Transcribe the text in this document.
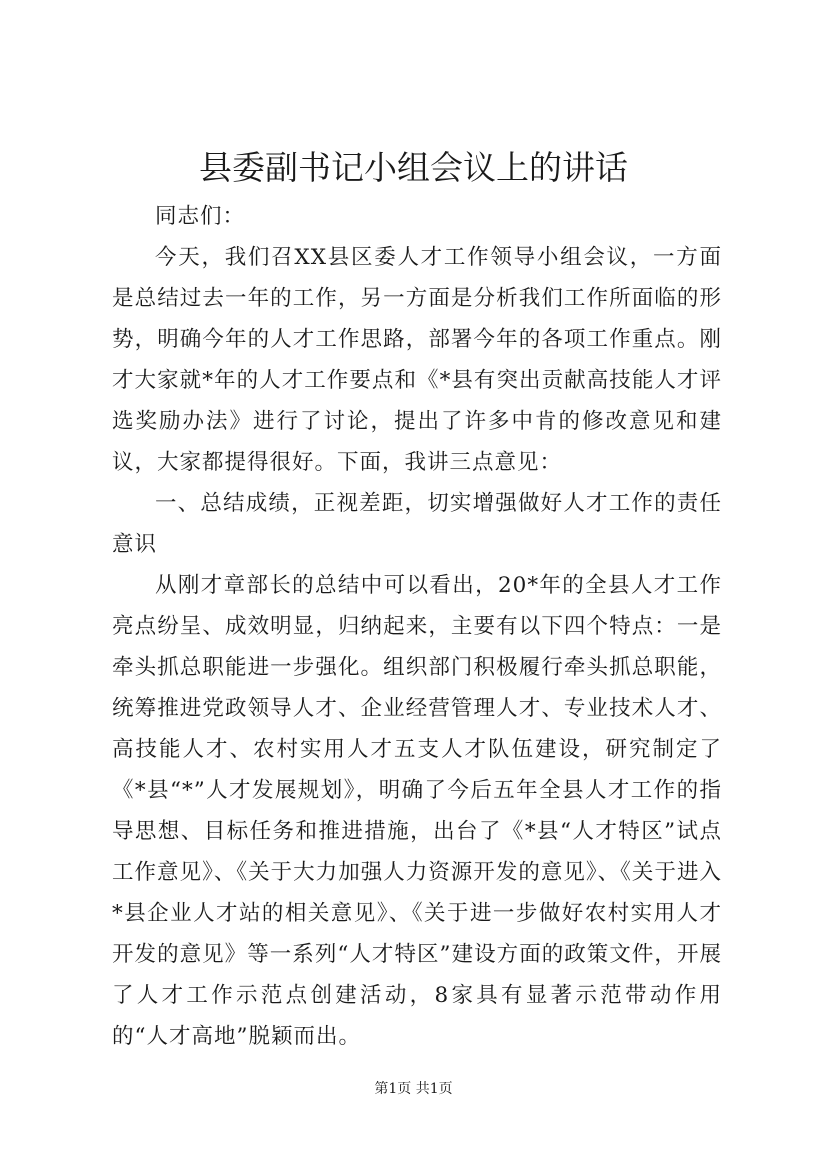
县委副书记小组会议上的讲话

同志们：

今天，我们召XX县区委人才工作领导小组会议，一方面是总结过去一年的工作，另一方面是分析我们工作所面临的形势，明确今年的人才工作思路，部署今年的各项工作重点。刚才大家就*年的人才工作要点和《*县有突出贡献高技能人才评选奖励办法》进行了讨论，提出了许多中肯的修改意见和建议，大家都提得很好。下面，我讲三点意见：

一、总结成绩，正视差距，切实增强做好人才工作的责任意识

从刚才章部长的总结中可以看出，20*年的全县人才工作亮点纷呈、成效明显，归纳起来，主要有以下四个特点：一是牵头抓总职能进一步强化。组织部门积极履行牵头抓总职能，统筹推进党政领导人才、企业经营管理人才、专业技术人才、高技能人才、农村实用人才五支人才队伍建设，研究制定了《*县“*”人才发展规划》，明确了今后五年全县人才工作的指导思想、目标任务和推进措施，出台了《*县“人才特区”试点工作意见》、《关于大力加强人力资源开发的意见》、《关于进入*县企业人才站的相关意见》、《关于进一步做好农村实用人才开发的意见》等一系列“人才特区”建设方面的政策文件，开展了人才工作示范点创建活动，8家具有显著示范带动作用的“人才高地”脱颖而出。

第1页 共1页
